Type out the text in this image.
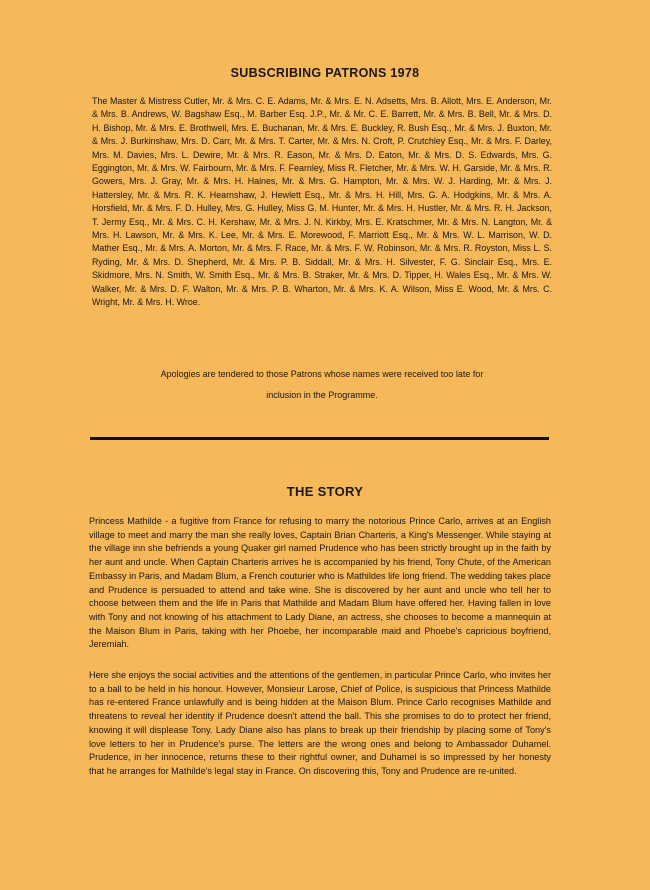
SUBSCRIBING PATRONS 1978

The Master & Mistress Cutler, Mr. & Mrs. C. E. Adams, Mr. & Mrs. E. N. Adsetts, Mrs. B. Allott, Mrs. E. Anderson, Mr. & Mrs. B. Andrews, W. Bagshaw Esq., M. Barber Esq. J.P., Mr. & Mr. C. E. Barrett, Mr. & Mrs. B. Bell, Mr. & Mrs. D. H. Bishop, Mr. & Mrs. E. Brothwell, Mrs. E. Buchanan, Mr. & Mrs. E. Buckley, R. Bush Esq., Mr. & Mrs. J. Buxton, Mr. & Mrs. J. Burkinshaw, Mrs. D. Carr, Mr. & Mrs. T. Carter, Mr. & Mrs. N. Croft, P. Crutchley Esq., Mr. & Mrs. F. Darley, Mrs. M. Davies, Mrs. L. Dewire, Mr. & Mrs. R. Eason, Mr. & Mrs. D. Eaton, Mr. & Mrs. D. S. Edwards, Mrs. G. Eggington, Mr. & Mrs. W. Fairbourn, Mr. & Mrs. F. Fearnley, Miss R. Fletcher, Mr. & Mrs. W. H. Garside, Mr. & Mrs. R. Gowers, Mrs. J. Gray, Mr. & Mrs. H. Haines, Mr. & Mrs. G. Hampton, Mr. & Mrs. W. J. Harding, Mr. & Mrs. J. Hattersley, Mr. & Mrs. R. K. Hearnshaw, J. Hewlett Esq., Mr. & Mrs. H. Hill, Mrs. G. A. Hodgkins, Mr. & Mrs. A. Horsfield, Mr. & Mrs. F. D. Hulley, Mrs. G. Hulley, Miss G. M. Hunter, Mr. & Mrs. H. Hustler, Mr. & Mrs. R. H. Jackson, T. Jermy Esq., Mr. & Mrs. C. H. Kershaw, Mr. & Mrs. J. N. Kirkby, Mrs. E. Kratschmer, Mr. & Mrs. N. Langton, Mr. & Mrs. H. Lawson, Mr. & Mrs. K. Lee, Mr. & Mrs. E. Morewood, F. Marriott Esq., Mr. & Mrs. W. L. Marrison, W. D. Mather Esq., Mr. & Mrs. A. Morton, Mr. & Mrs. F. Race, Mr. & Mrs. F. W. Robinson, Mr. & Mrs. R. Royston, Miss L. S. Ryding, Mr. & Mrs. D. Shepherd, Mr. & Mrs. P. B. Siddall, Mr. & Mrs. H. Silvester, F. G. Sinclair Esq., Mrs. E. Skidmore, Mrs. N. Smith, W. Smith Esq., Mr. & Mrs. B. Straker, Mr. & Mrs. D. Tipper, H. Wales Esq., Mr. & Mrs. W. Walker, Mr. & Mrs. D. F. Walton, Mr. & Mrs. P. B. Wharton, Mr. & Mrs. K. A. Wilson, Miss E. Wood, Mr. & Mrs. C. Wright, Mr. & Mrs. H. Wroe.

Apologies are tendered to those Patrons whose names were received too late for
inclusion in the Programme.
THE STORY

Princess Mathilde - a fugitive from France for refusing to marry the notorious Prince Carlo, arrives at an English village to meet and marry the man she really loves, Captain Brian Charteris, a King's Messenger. While staying at the village inn she befriends a young Quaker girl named Prudence who has been strictly brought up in the faith by her aunt and uncle. When Captain Charteris arrives he is accompanied by his friend, Tony Chute, of the American Embassy in Paris, and Madam Blum, a French couturier who is Mathildes life long friend. The wedding takes place and Prudence is persuaded to attend and take wine. She is discovered by her aunt and uncle who tell her to choose between them and the life in Paris that Mathilde and Madam Blum have offered her. Having fallen in love with Tony and not knowing of his attachment to Lady Diane, an actress, she chooses to become a mannequin at the Maison Blum in Paris, taking with her Phoebe, her incomparable maid and Phoebe's capricious boyfriend, Jeremiah.

Here she enjoys the social activities and the attentions of the gentlemen, in particular Prince Carlo, who invites her to a ball to be held in his honour. However, Monsieur Larose, Chief of Police, is suspicious that Princess Mathilde has re-entered France unlawfully and is being hidden at the Maison Blum. Prince Carlo recognises Mathilde and threatens to reveal her identity if Prudence doesn't attend the ball. This she promises to do to protect her friend, knowing it will displease Tony. Lady Diane also has plans to break up their friendship by placing some of Tony's love letters to her in Prudence's purse. The letters are the wrong ones and belong to Ambassador Duhamel. Prudence, in her innocence, returns these to their rightful owner, and Duhamel is so impressed by her honesty that he arranges for Mathilde's legal stay in France. On discovering this, Tony and Prudence are re-united.
